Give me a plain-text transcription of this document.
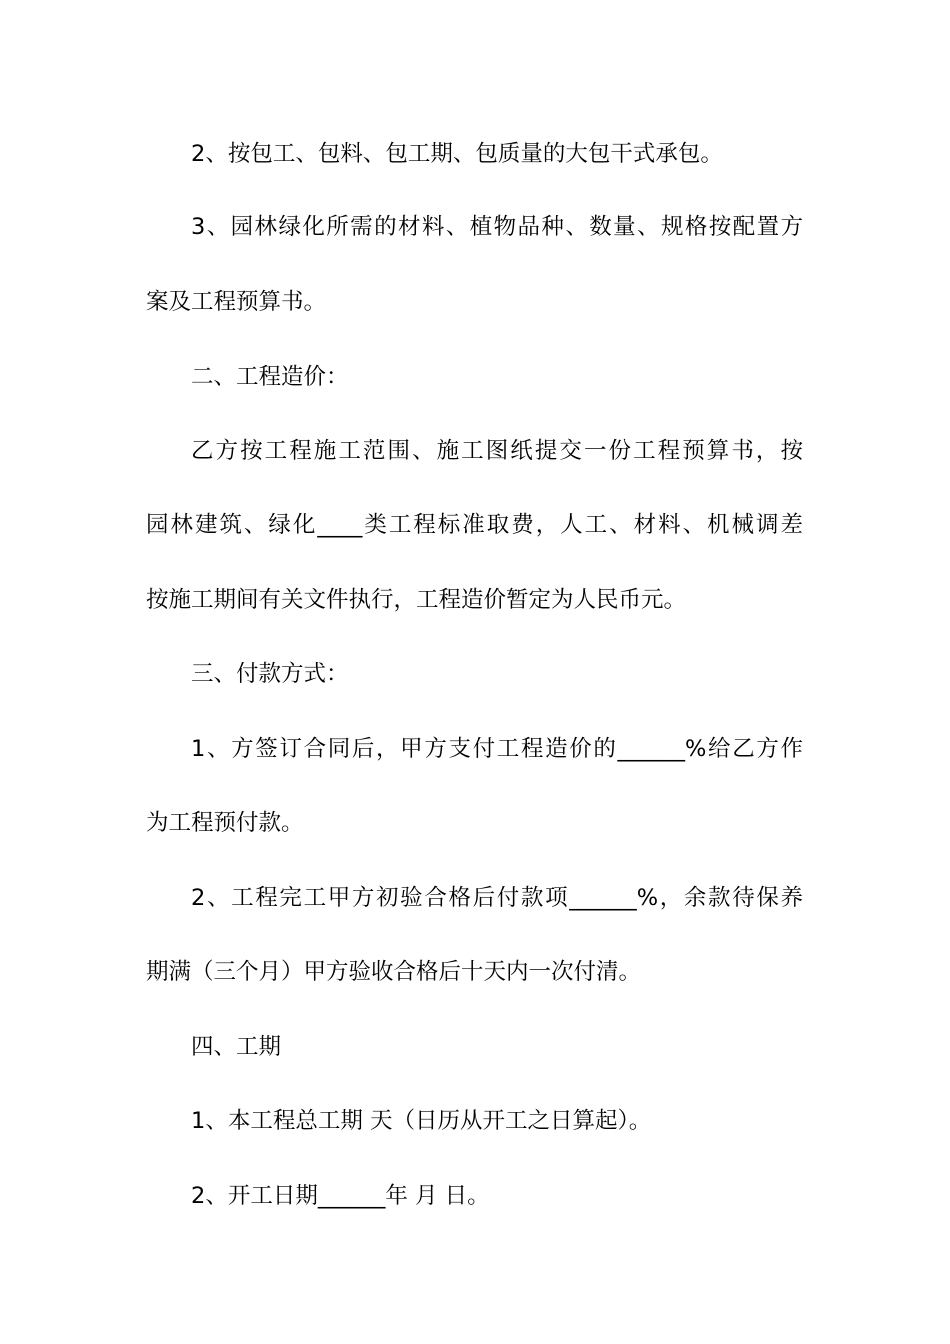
2、按包工、包料、包工期、包质量的大包干式承包。
3、园林绿化所需的材料、植物品种、数量、规格按配置方
案及工程预算书。
二、工程造价：
乙方按工程施工范围、施工图纸提交一份工程预算书，按
园林建筑、绿化____类工程标准取费，人工、材料、机械调差
按施工期间有关文件执行，工程造价暂定为人民币元。
三、付款方式：
1、方签订合同后，甲方支付工程造价的______%给乙方作
为工程预付款。
2、工程完工甲方初验合格后付款项______%，余款待保养
期满（三个月）甲方验收合格后十天内一次付清。
四、工期
1、本工程总工期 天（日历从开工之日算起）。
2、开工日期______年 月 日。
